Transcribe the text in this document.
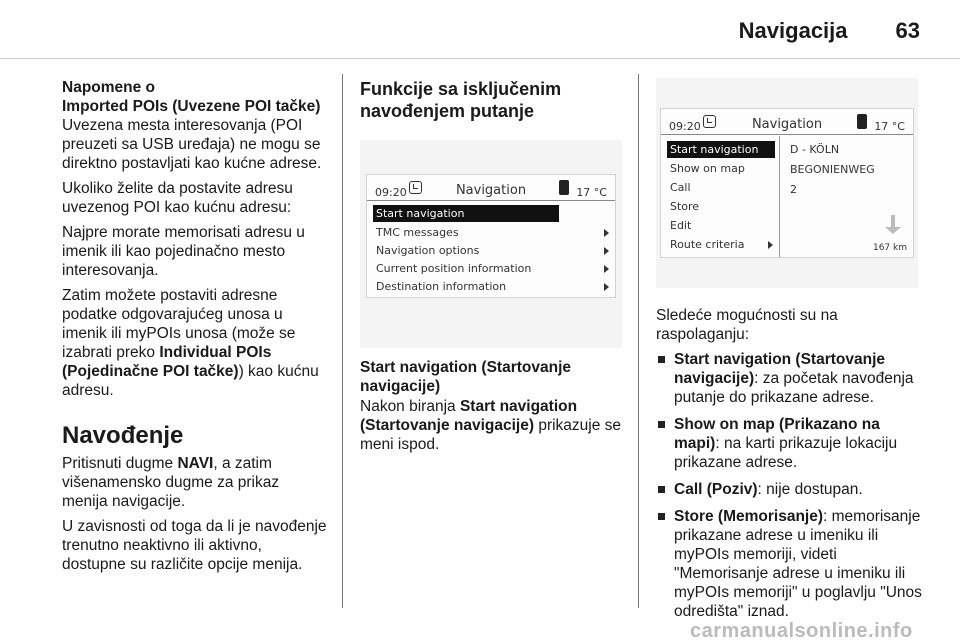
Navigacija 63
Napomene o
Imported POIs (Uvezene POI tačke)

Uvezena mesta interesovanja (POI preuzeti sa USB uređaja) ne mogu se direktno postavljati kao kućne adrese.

Ukoliko želite da postavite adresu uvezenog POI kao kućnu adresu:

Najpre morate memorisati adresu u imenik ili kao pojedinačno mesto interesovanja.

Zatim možete postaviti adresne podatke odgovarajućeg unosa u imenik ili myPOIs unosa (može se izabrati preko Individual POIs (Pojedinačne POI tačke)) kao kućnu adresu.

Navođenje

Pritisnuti dugme NAVI, a zatim višenamensko dugme za prikaz menija navigacije.

U zavisnosti od toga da li je navođenje trenutno neaktivno ili aktivno, dostupne su različite opcije menija.

Funkcije sa isključenim navođenjem putanje
09:20	Navigation	17 °C
Start navigation
TMC messages
Navigation options
Current position information
Destination information
Start navigation (Startovanje navigacije)

Nakon biranja Start navigation (Startovanje navigacije) prikazuje se meni ispod.

09:20	Navigation	17 °C
Start navigation
Show on map
Call
Store
Edit
Route criteria
D - KÖLN
BEGONIENWEG
2
167 km

Sledeće mogućnosti su na raspolaganju:

Start navigation (Startovanje navigacije): za početak navođenja putanje do prikazane adrese.
Show on map (Prikazano na mapi): na karti prikazuje lokaciju prikazane adrese.
Call (Poziv): nije dostupan.
Store (Memorisanje): memorisanje prikazane adrese u imeniku ili myPOIs memoriji, videti "Memorisanje adrese u imeniku ili myPOIs memoriji" u poglavlju "Unos odredišta" iznad.
carmanualsonline.info
